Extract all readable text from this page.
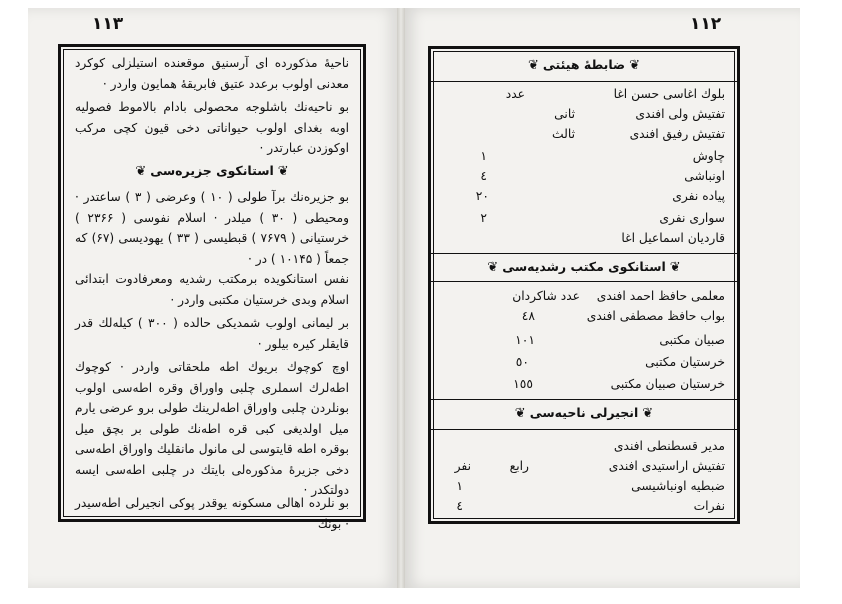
١١٣	١١٢
ناحیهٔ مذکورده ای آرسنیق موقعنده استیلزلی کوکرد معدنی اولوب برعدد عتیق فابریقهٔ همایون واردر ·
بو ناحیه‌نك باشلوجه محصولی بادام بالاموط فصولیه اوبه بغدای اولوب حیواناتی دخی قیون کچی مرکب اوکوزدن عبارتدر ·
❦استانکوی جزیره‌سی❦
بو جزیره‌نك برآ طولی ( ۱۰ ) وعرضی ( ۳ ) ساعتدر · ومحیطی ( ۳۰ ) میلدر · اسلام نفوسی ( ۲۳۶۶ ) خرستیانی ( ۷۶۷۹ ) قبطیسی ( ۳۳ ) یهودیسی (۶۷) که جمعاً ( ۱۰۱۴۵ ) در ·
نفس استانکویده برمکتب رشدیه ومعرفادوت ابتدائی اسلام وبدی خرستیان مکتبی واردر ·
بر لیمانی اولوب شمدیکی حالده ( ۳۰۰ ) کیله‌لك قدر قایقلر کیره بیلور ·
اوچ کوچوك بریوك اطه ملحقاتی واردر · کوچوك اطه‌لرك اسملری چلبی واوراق وقره اطه‌سی اولوب بونلردن چلبی واوراق اطه‌لرینك طولی برو عرضی یارم میل اولدیغی کبی قره اطه‌نك طولی بر بچق میل بوقره اطه قایتوسی لی مانول مانقلیك واوراق اطه‌سی دخی جزیرهٔ مذکوره‌لی بایتك در چلبی اطه‌سی ایسه دولتکدر ·
بو نلرده اهالی مسکونه یوقدر پوکی انجیرلی اطه‌سیدر · بونك
❦ضابطهٔ هیئتی❦
بلوك اغاسی حسن اغا
عدد
تفتیش ولی افندی
ثانی
تفتیش رفیق افندی
ثالث
چاوش
١
اونباشی
٤
پیاده نفری
٢٠
سواری نفری
٢
قاردیان اسماعیل اغا
❦استانکوی مکتب رشدیه‌سی❦
معلمی حافظ احمد افندی
عدد شاکردان
بواب حافظ مصطفی افندی
٤٨
صبیان مکتبی
١٠١
خرستیان مکتبی
٥٠
خرستیان صبیان مکتبی
١٥٥
❦انجیرلی ناحیه‌سی❦
مدیر قسطنطی افندی
تفتیش اراستیدی افندی
رابع
نفر
ضبطیه اونباشیسی
١
نفرات
٤
